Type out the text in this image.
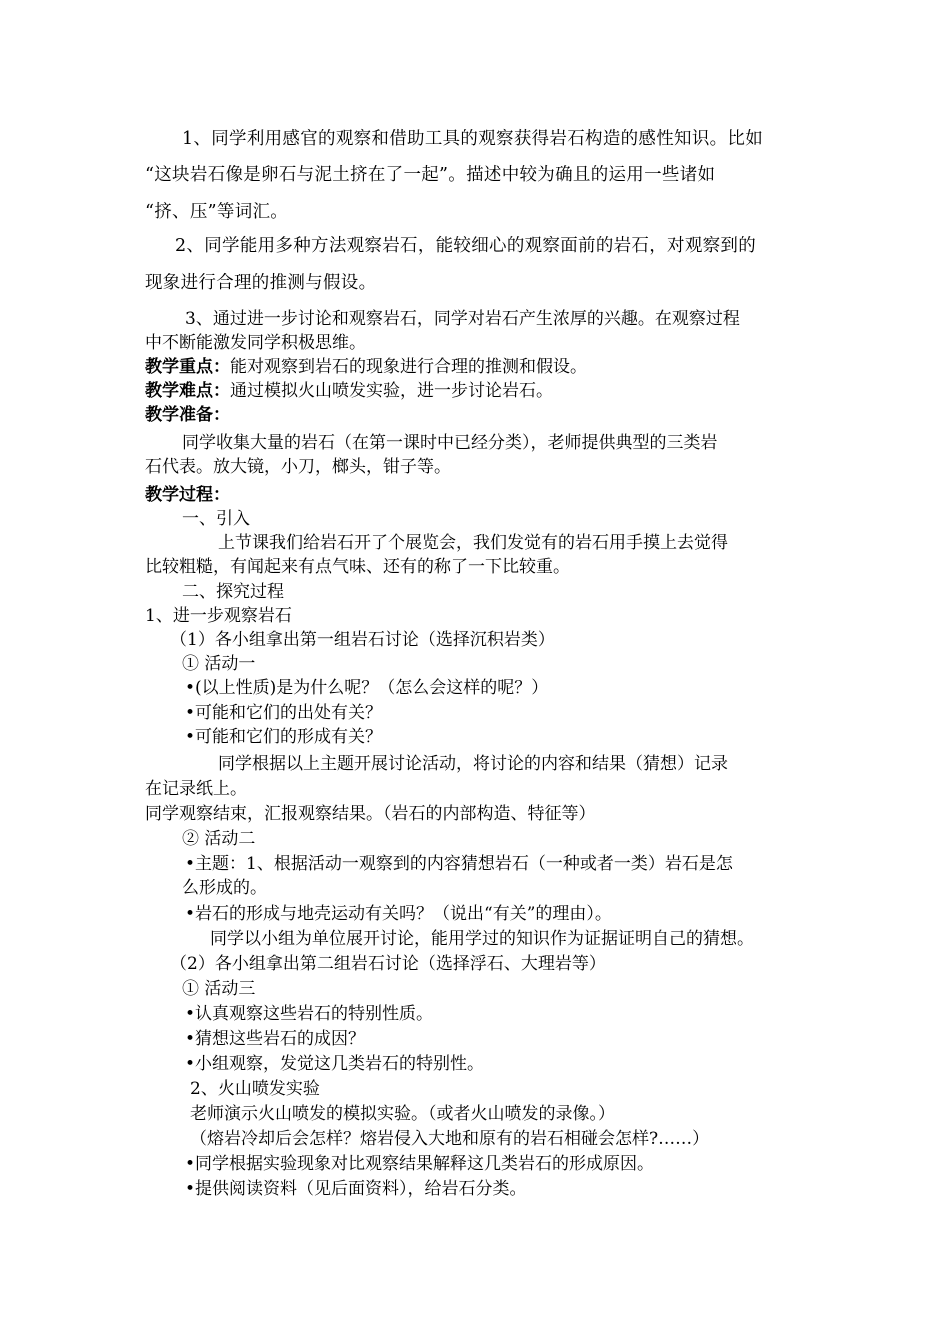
1、同学利用感官的观察和借助工具的观察获得岩石构造的感性知识。比如
“这块岩石像是卵石与泥土挤在了一起”。描述中较为确且的运用一些诸如
“挤、压”等词汇。
2、同学能用多种方法观察岩石，能较细心的观察面前的岩石，对观察到的
现象进行合理的推测与假设。
3、通过进一步讨论和观察岩石，同学对岩石产生浓厚的兴趣。在观察过程
中不断能激发同学积极思维。
教学重点：能对观察到岩石的现象进行合理的推测和假设。
教学难点：通过模拟火山喷发实验，进一步讨论岩石。
教学准备：
同学收集大量的岩石（在第一课时中已经分类），老师提供典型的三类岩
石代表。放大镜，小刀，榔头，钳子等。
教学过程：
一、引入
上节课我们给岩石开了个展览会，我们发觉有的岩石用手摸上去觉得
比较粗糙，有闻起来有点气味、还有的称了一下比较重。
二、探究过程
1、进一步观察岩石
（1）各小组拿出第一组岩石讨论（选择沉积岩类）
① 活动一
•(以上性质)是为什么呢？（怎么会这样的呢？）
•可能和它们的出处有关？
•可能和它们的形成有关？
同学根据以上主题开展讨论活动，将讨论的内容和结果（猜想）记录
在记录纸上。
同学观察结束，汇报观察结果。（岩石的内部构造、特征等）
② 活动二
•主题：1、根据活动一观察到的内容猜想岩石（一种或者一类）岩石是怎
么形成的。
•岩石的形成与地壳运动有关吗？（说出“有关”的理由）。
同学以小组为单位展开讨论，能用学过的知识作为证据证明自己的猜想。
（2）各小组拿出第二组岩石讨论（选择浮石、大理岩等）
① 活动三
•认真观察这些岩石的特别性质。
•猜想这些岩石的成因？
•小组观察，发觉这几类岩石的特别性。
2、火山喷发实验
老师演示火山喷发的模拟实验。（或者火山喷发的录像。）
（熔岩冷却后会怎样？熔岩侵入大地和原有的岩石相碰会怎样?……）
•同学根据实验现象对比观察结果解释这几类岩石的形成原因。
•提供阅读资料（见后面资料），给岩石分类。
